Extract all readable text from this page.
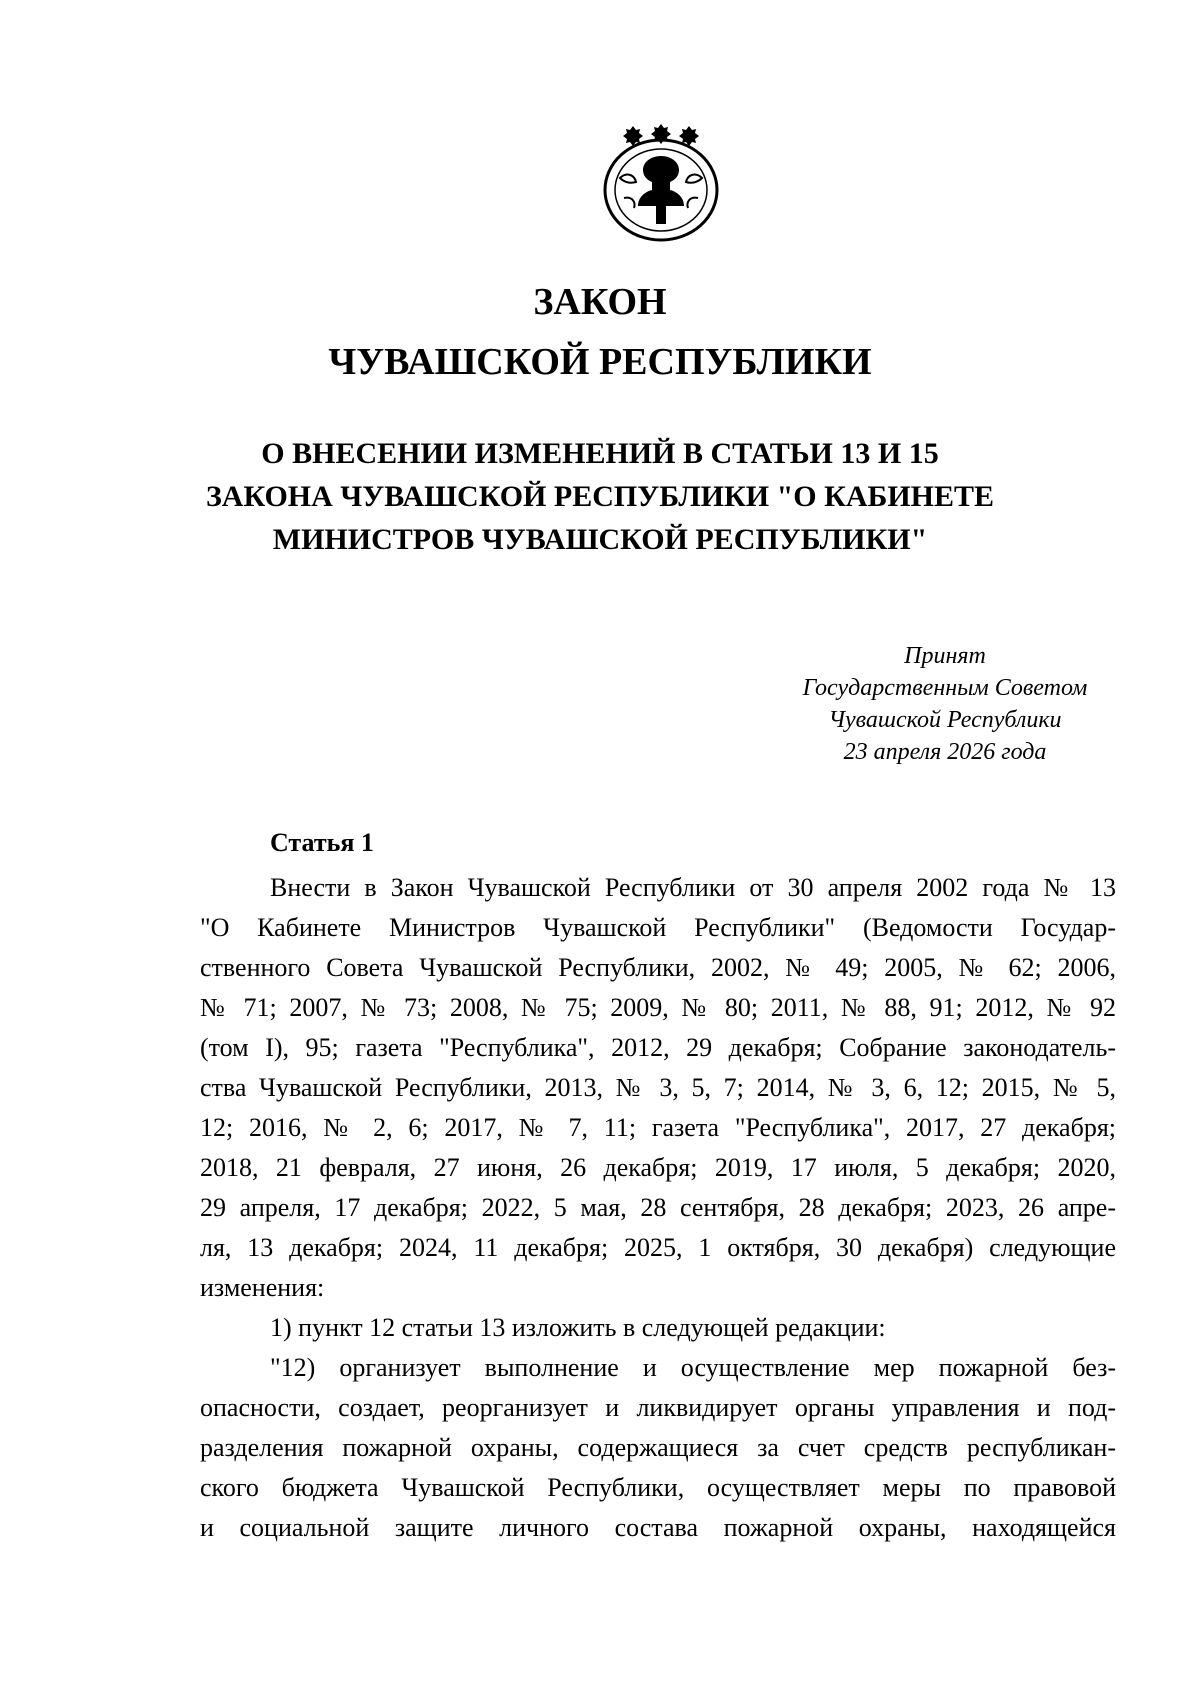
ЗАКОН
ЧУВАШСКОЙ РЕСПУБЛИКИ
О ВНЕСЕНИИ ИЗМЕНЕНИЙ В СТАТЬИ 13 И 15
ЗАКОНА ЧУВАШСКОЙ РЕСПУБЛИКИ "О КАБИНЕТЕ
МИНИСТРОВ ЧУВАШСКОЙ РЕСПУБЛИКИ"
Принят
Государственным Советом
Чувашской Республики
23 апреля 2026 года
Статья 1
Внести в Закон Чувашской Республики от 30 апреля 2002 года № 13
"О Кабинете Министров Чувашской Республики" (Ведомости Государ-
ственного Совета Чувашской Республики, 2002, № 49; 2005, № 62; 2006,
№ 71; 2007, № 73; 2008, № 75; 2009, № 80; 2011, № 88, 91; 2012, № 92
(том I), 95; газета "Республика", 2012, 29 декабря; Собрание законодатель-
ства Чувашской Республики, 2013, № 3, 5, 7; 2014, № 3, 6, 12; 2015, № 5,
12; 2016, № 2, 6; 2017, № 7, 11; газета "Республика", 2017, 27 декабря;
2018, 21 февраля, 27 июня, 26 декабря; 2019, 17 июля, 5 декабря; 2020,
29 апреля, 17 декабря; 2022, 5 мая, 28 сентября, 28 декабря; 2023, 26 апре-
ля, 13 декабря; 2024, 11 декабря; 2025, 1 октября, 30 декабря) следующие
изменения:
1) пункт 12 статьи 13 изложить в следующей редакции:
"12) организует выполнение и осуществление мер пожарной без-
опасности, создает, реорганизует и ликвидирует органы управления и под-
разделения пожарной охраны, содержащиеся за счет средств республикан-
ского бюджета Чувашской Республики, осуществляет меры по правовой
и социальной защите личного состава пожарной охраны, находящейся
